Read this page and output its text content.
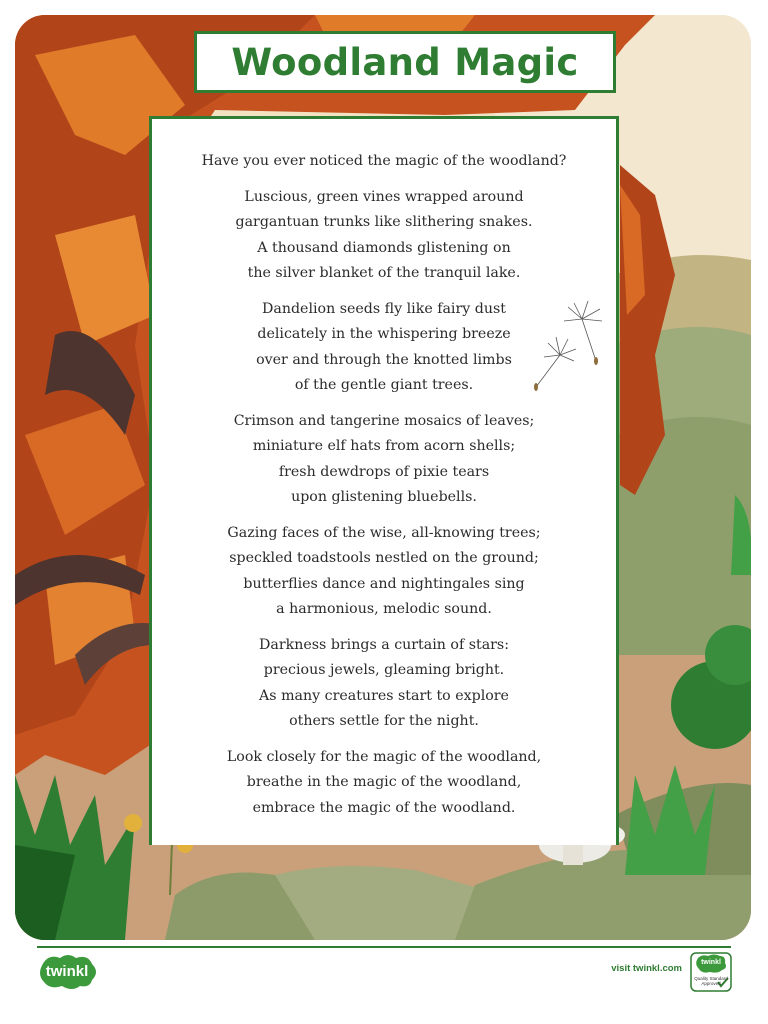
Woodland Magic
Have you ever noticed the magic of the woodland?
Luscious, green vines wrapped around
gargantuan trunks like slithering snakes.
A thousand diamonds glistening on
the silver blanket of the tranquil lake.
Dandelion seeds fly like fairy dust
delicately in the whispering breeze
over and through the knotted limbs
of the gentle giant trees.
Crimson and tangerine mosaics of leaves;
miniature elf hats from acorn shells;
fresh dewdrops of pixie tears
upon glistening bluebells.
Gazing faces of the wise, all-knowing trees;
speckled toadstools nestled on the ground;
butterflies dance and nightingales sing
a harmonious, melodic sound.
Darkness brings a curtain of stars:
precious jewels, gleaming bright.
As many creatures start to explore
others settle for the night.
Look closely for the magic of the woodland,
breathe in the magic of the woodland,
embrace the magic of the woodland.
twinkl	visit twinkl.com
twinkl
Quality Standard Approved
